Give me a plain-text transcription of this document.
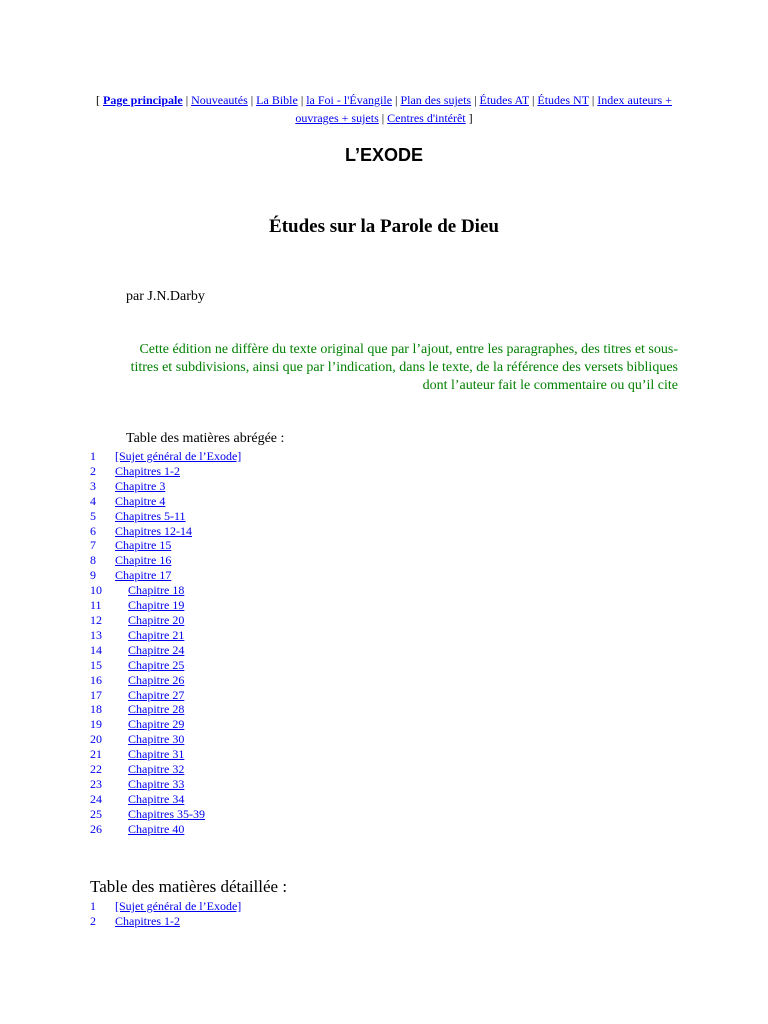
[ Page principale | Nouveautés | La Bible | la Foi - l'Évangile | Plan des sujets | Études AT | Études NT | Index auteurs + ouvrages + sujets | Centres d'intérêt ]
L’EXODE
Études sur la Parole de Dieu
par J.N.Darby
Cette édition ne diffère du texte original que par l’ajout, entre les paragraphes, des titres et sous-titres et subdivisions, ainsi que par l’indication, dans le texte, de la référence des versets bibliques dont l’auteur fait le commentaire ou qu’il cite
Table des matières abrégée :
1 [Sujet général de l’Exode]
2 Chapitres 1-2
3 Chapitre 3
4 Chapitre 4
5 Chapitres 5-11
6 Chapitres 12-14
7 Chapitre 15
8 Chapitre 16
9 Chapitre 17
10 Chapitre 18
11 Chapitre 19
12 Chapitre 20
13 Chapitre 21
14 Chapitre 24
15 Chapitre 25
16 Chapitre 26
17 Chapitre 27
18 Chapitre 28
19 Chapitre 29
20 Chapitre 30
21 Chapitre 31
22 Chapitre 32
23 Chapitre 33
24 Chapitre 34
25 Chapitres 35-39
26 Chapitre 40
Table des matières détaillée :
1 [Sujet général de l’Exode]
2 Chapitres 1-2
